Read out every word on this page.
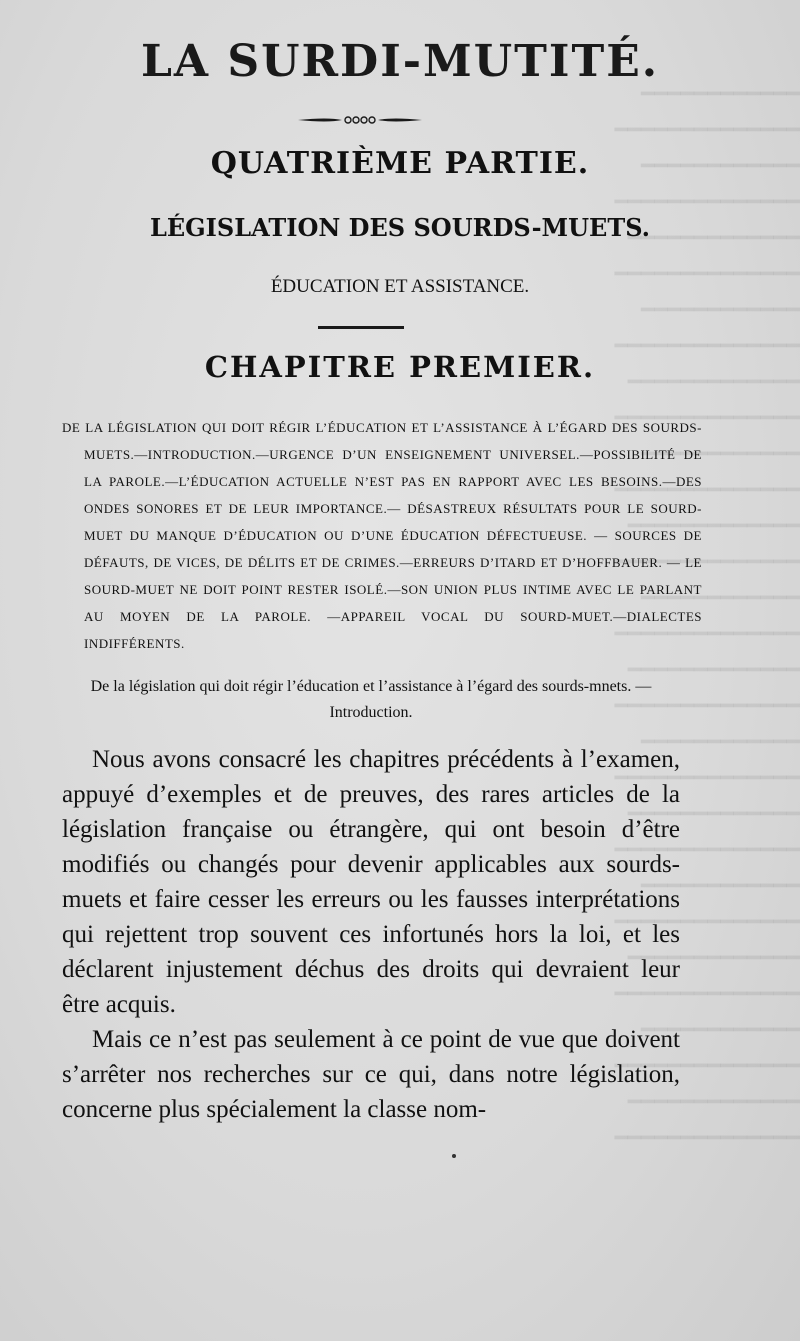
━━━━━━━━━━━━
━━━━━━━━━━━━━━
━━━━━━━━━━━━
━━━━━━━━━━━━━━
━━━━━━━━━━━━━
━━━━━━━━━━━━━━
━━━━━━━━━━━━
━━━━━━━━━━━━━━
━━━━━━━━━━━━━
━━━━━━━━━━━━━━
━━━━━━━━━━━━
━━━━━━━━━━━━━━
━━━━━━━━━━━━━
━━━━━━━━━━━━━━
━━━━━━━━━━━━
━━━━━━━━━━━━━━
━━━━━━━━━━━━━
━━━━━━━━━━━━━━
━━━━━━━━━━━━
━━━━━━━━━━━━━━
━━━━━━━━━━━━━
━━━━━━━━━━━━━━
━━━━━━━━━━━━
━━━━━━━━━━━━━━
━━━━━━━━━━━━━
━━━━━━━━━━━━━━
━━━━━━━━━━━━
━━━━━━━━━━━━━━
━━━━━━━━━━━━━
━━━━━━━━━━━━━━

LA SURDI-MUTITÉ.
QUATRIÈME PARTIE.
LÉGISLATION DES SOURDS-MUETS.
ÉDUCATION ET ASSISTANCE.
CHAPITRE PREMIER.
DE LA LÉGISLATION QUI DOIT RÉGIR L’ÉDUCATION ET L’ASSISTANCE À L’ÉGARD DES SOURDS-MUETS.—INTRODUCTION.—URGENCE D’UN ENSEIGNEMENT UNIVERSEL.—POSSIBILITÉ DE LA PAROLE.—L’ÉDUCATION ACTUELLE N’EST PAS EN RAPPORT AVEC LES BESOINS.—DES ONDES SONORES ET DE LEUR IMPORTANCE.— DÉSASTREUX RÉSULTATS POUR LE SOURD-MUET DU MANQUE D’ÉDUCATION OU D’UNE ÉDUCATION DÉFECTUEUSE. — SOURCES DE DÉFAUTS, DE VICES, DE DÉLITS ET DE CRIMES.—ERREURS D’ITARD ET D’HOFFBAUER. — LE SOURD-MUET NE DOIT POINT RESTER ISOLÉ.—SON UNION PLUS INTIME AVEC LE PARLANT AU MOYEN DE LA PAROLE. —APPAREIL VOCAL DU SOURD-MUET.—DIALECTES INDIFFÉRENTS.
De la législation qui doit régir l’éducation et l’assistance à l’égard des sourds-mnets. —Introduction.

Nous avons consacré les chapitres précédents à l’examen, appuyé d’exemples et de preuves, des rares articles de la législation française ou étrangère, qui ont besoin d’être modifiés ou changés pour devenir applicables aux sourds-muets et faire cesser les erreurs ou les fausses interprétations qui rejettent trop souvent ces infortunés hors la loi, et les déclarent injustement déchus des droits qui devraient leur être acquis.

Mais ce n’est pas seulement à ce point de vue que doivent s’arrêter nos recherches sur ce qui, dans notre législation, concerne plus spécialement la classe nom-
